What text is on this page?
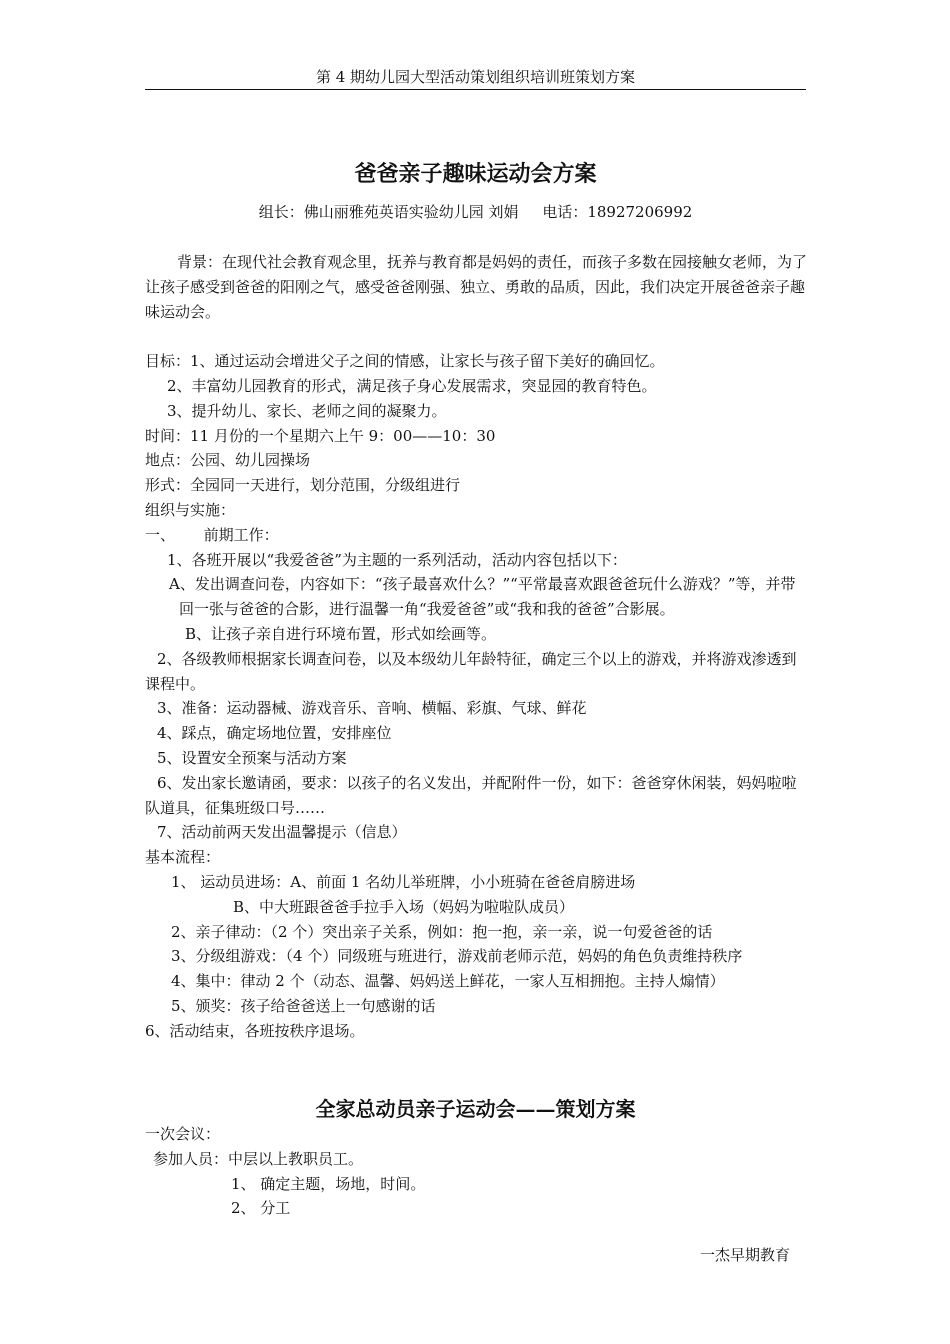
第 4 期幼儿园大型活动策划组织培训班策划方案
爸爸亲子趣味运动会方案
组长：佛山丽雅苑英语实验幼儿园 刘娟 电话：18927206992

背景：在现代社会教育观念里，抚养与教育都是妈妈的责任，而孩子多数在园接触女老师，为了让孩子感受到爸爸的阳刚之气，感受爸爸刚强、独立、勇敢的品质，因此，我们决定开展爸爸亲子趣味运动会。

目标：1、通过运动会增进父子之间的情感，让家长与孩子留下美好的确回忆。

2、丰富幼儿园教育的形式，满足孩子身心发展需求，突显园的教育特色。

3、提升幼儿、家长、老师之间的凝聚力。

时间：11 月份的一个星期六上午 9：00——10：30

地点：公园、幼儿园操场

形式：全园同一天进行，划分范围，分级组进行

组织与实施：

一、      前期工作：

1、各班开展以“我爱爸爸”为主题的一系列活动，活动内容包括以下：

A、发出调查问卷，内容如下：“孩子最喜欢什么？”“平常最喜欢跟爸爸玩什么游戏？”等，并带回一张与爸爸的合影，进行温馨一角“我爱爸爸”或“我和我的爸爸”合影展。

B、让孩子亲自进行环境布置，形式如绘画等。

2、各级教师根据家长调查问卷，以及本级幼儿年龄特征，确定三个以上的游戏，并将游戏渗透到课程中。

3、准备：运动器械、游戏音乐、音响、横幅、彩旗、气球、鲜花

4、踩点，确定场地位置，安排座位

5、设置安全预案与活动方案

6、发出家长邀请函，要求：以孩子的名义发出，并配附件一份，如下：爸爸穿休闲装，妈妈啦啦队道具，征集班级口号……

7、活动前两天发出温馨提示（信息）

基本流程：

1、 运动员进场：A、前面 1 名幼儿举班牌，小小班骑在爸爸肩膀进场

B、中大班跟爸爸手拉手入场（妈妈为啦啦队成员）

2、亲子律动：（2 个）突出亲子关系，例如：抱一抱，亲一亲，说一句爱爸爸的话

3、分级组游戏：（4 个）同级班与班进行，游戏前老师示范，妈妈的角色负责维持秩序

4、集中：律动 2 个（动态、温馨、妈妈送上鲜花，一家人互相拥抱。主持人煽情）

5、颁奖：孩子给爸爸送上一句感谢的话

6、活动结束，各班按秩序退场。

全家总动员亲子运动会——策划方案

一次会议：

参加人员：中层以上教职员工。

1、 确定主题，场地，时间。

2、 分工

一杰早期教育
